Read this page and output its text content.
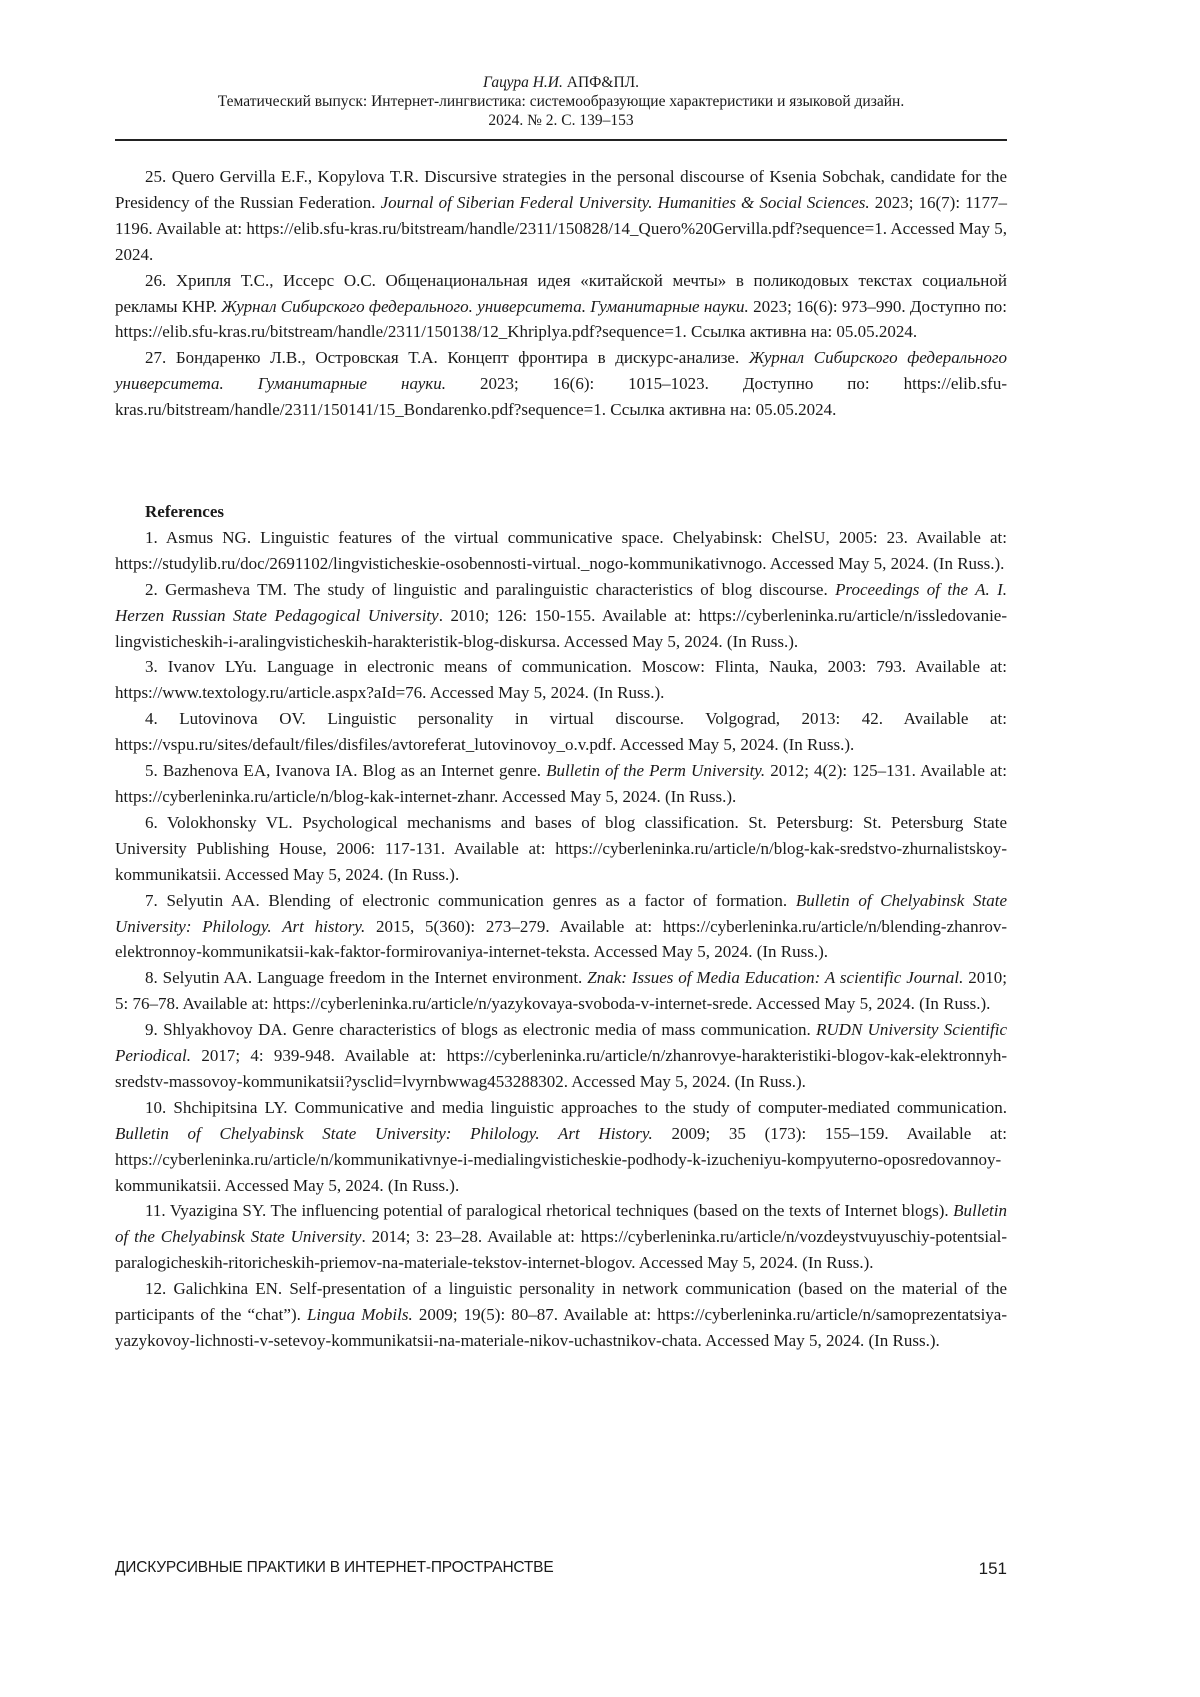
Гацура Н.И. АПФ&ПЛ.
Тематический выпуск: Интернет-лингвистика: системообразующие характеристики и языковой дизайн.
2024. № 2. С. 139–153

25. Quero Gervilla E.F., Kopylova T.R. Discursive strategies in the personal discourse of Ksenia Sobchak, candidate for the Presidency of the Russian Federation. Journal of Siberian Federal University. Humanities & Social Sciences. 2023; 16(7): 1177–1196. Available at: https://elib.sfu-kras.ru/bitstream/handle/2311/150828/14_Quero%20Gervilla.pdf?sequence=1. Accessed May 5, 2024.

26. Хрипля Т.С., Иссерс О.С. Общенациональная идея «китайской мечты» в поликодовых текстах социальной рекламы КНР. Журнал Сибирского федерального. университета. Гуманитарные науки. 2023; 16(6): 973–990. Доступно по: https://elib.sfu-kras.ru/bitstream/handle/2311/150138/12_Khriplya.pdf?sequence=1. Ссылка активна на: 05.05.2024.

27. Бондаренко Л.В., Островская Т.А. Концепт фронтира в дискурс-анализе. Журнал Сибирского федерального университета. Гуманитарные науки. 2023; 16(6): 1015–1023. Доступно по: https://elib.sfu-kras.ru/bitstream/handle/2311/150141/15_Bondarenko.pdf?sequence=1. Ссылка активна на: 05.05.2024.

References

1. Asmus NG. Linguistic features of the virtual communicative space. Chelyabinsk: ChelSU, 2005: 23. Available at: https://studylib.ru/doc/2691102/lingvisticheskie-osobennosti-virtual._nogo-kommunikativnogo. Accessed May 5, 2024. (In Russ.).

2. Germasheva TM. The study of linguistic and paralinguistic characteristics of blog discourse. Proceedings of the A. I. Herzen Russian State Pedagogical University. 2010; 126: 150-155. Available at: https://cyberleninka.ru/article/n/issledovanie-lingvisticheskih-i-aralingvisticheskih-harakteristik-blog-diskursa. Accessed May 5, 2024. (In Russ.).

3. Ivanov LYu. Language in electronic means of communication. Moscow: Flinta, Nauka, 2003: 793. Available at: https://www.textology.ru/article.aspx?aId=76. Accessed May 5, 2024. (In Russ.).

4. Lutovinova OV. Linguistic personality in virtual discourse. Volgograd, 2013: 42. Available at: https://vspu.ru/sites/default/files/disfiles/avtoreferat_lutovinovoy_o.v.pdf. Accessed May 5, 2024. (In Russ.).

5. Bazhenova EA, Ivanova IA. Blog as an Internet genre. Bulletin of the Perm University. 2012; 4(2): 125–131. Available at: https://cyberleninka.ru/article/n/blog-kak-internet-zhanr. Accessed May 5, 2024. (In Russ.).

6. Volokhonsky VL. Psychological mechanisms and bases of blog classification. St. Petersburg: St. Petersburg State University Publishing House, 2006: 117-131. Available at: https://cyberleninka.ru/article/n/blog-kak-sredstvo-zhurnalistskoy-kommunikatsii. Accessed May 5, 2024. (In Russ.).

7. Selyutin AA. Blending of electronic communication genres as a factor of formation. Bulletin of Chelyabinsk State University: Philology. Art history. 2015, 5(360): 273–279. Available at: https://cyberleninka.ru/article/n/blending-zhanrov-elektronnoy-kommunikatsii-kak-faktor-formirovaniya-internet-teksta. Accessed May 5, 2024. (In Russ.).

8. Selyutin AA. Language freedom in the Internet environment. Znak: Issues of Media Education: A scientific Journal. 2010; 5: 76–78. Available at: https://cyberleninka.ru/article/n/yazykovaya-svoboda-v-internet-srede. Accessed May 5, 2024. (In Russ.).

9. Shlyakhovoy DA. Genre characteristics of blogs as electronic media of mass communication. RUDN University Scientific Periodical. 2017; 4: 939-948. Available at: https://cyberleninka.ru/article/n/zhanrovye-harakteristiki-blogov-kak-elektronnyh-sredstv-massovoy-kommunikatsii?ysclid=lvyrnbwwag453288302. Accessed May 5, 2024. (In Russ.).

10. Shchipitsina LY. Communicative and media linguistic approaches to the study of computer-mediated communication. Bulletin of Chelyabinsk State University: Philology. Art History. 2009; 35 (173): 155–159. Available at: https://cyberleninka.ru/article/n/kommunikativnye-i-medialingvisticheskie-podhody-k-izucheniyu-kompyuterno-oposredovannoy-kommunikatsii. Accessed May 5, 2024. (In Russ.).

11. Vyazigina SY. The influencing potential of paralogical rhetorical techniques (based on the texts of Internet blogs). Bulletin of the Chelyabinsk State University. 2014; 3: 23–28. Available at: https://cyberleninka.ru/article/n/vozdeystvuyuschiy-potentsial-paralogicheskih-ritoricheskih-priemov-na-materiale-tekstov-internet-blogov. Accessed May 5, 2024. (In Russ.).

12. Galichkina EN. Self-presentation of a linguistic personality in network communication (based on the material of the participants of the “chat”). Lingua Mobils. 2009; 19(5): 80–87. Available at: https://cyberleninka.ru/article/n/samoprezentatsiya-yazykovoy-lichnosti-v-setevoy-kommunikatsii-na-materiale-nikov-uchastnikov-chata. Accessed May 5, 2024. (In Russ.).

ДИСКУРСИВНЫЕ ПРАКТИКИ В ИНТЕРНЕТ-ПРОСТРАНСТВЕ	151
